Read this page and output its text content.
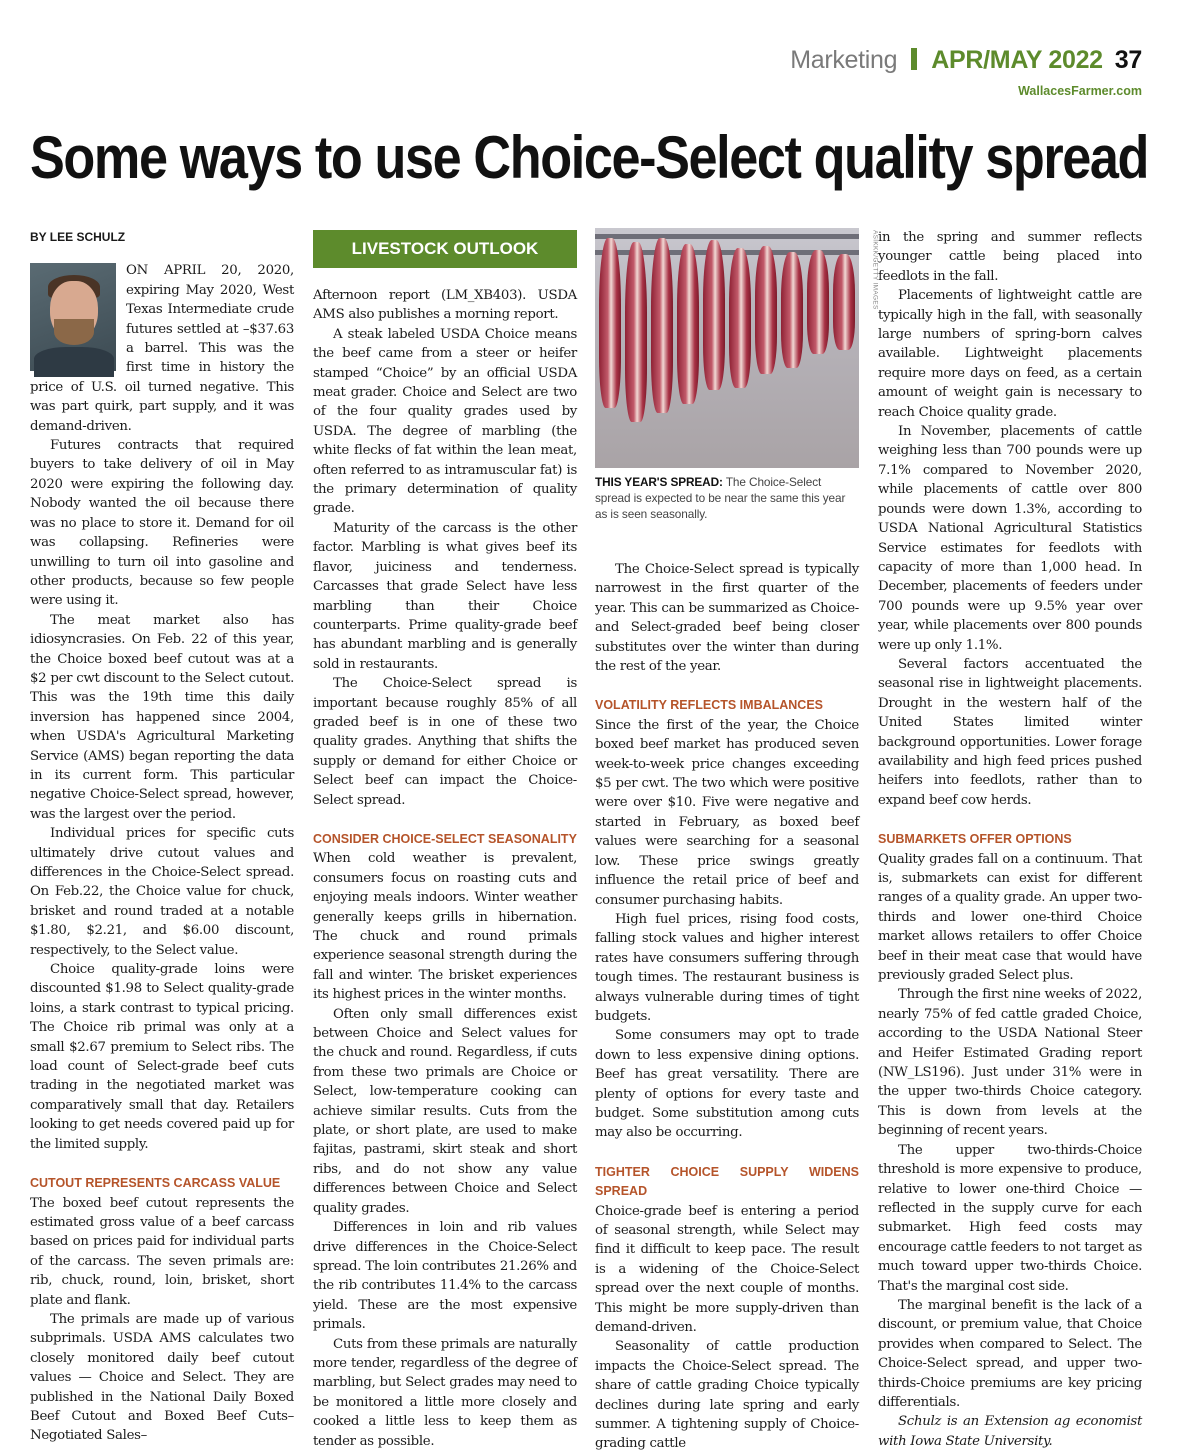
Marketing APR/MAY 2022 37
WallacesFarmer.com
Some ways to use Choice-Select quality spread
BY LEE SCHULZ

ON APRIL 20, 2020, expiring May 2020, West Texas Intermediate crude futures settled at –$37.63 a barrel. This was the first time in history the price of U.S. oil turned negative. This was part quirk, part supply, and it was demand-driven.

Futures contracts that required buyers to take delivery of oil in May 2020 were expiring the following day. Nobody wanted the oil because there was no place to store it. Demand for oil was collapsing. Refineries were unwilling to turn oil into gasoline and other products, because so few people were using it.

The meat market also has idiosyncrasies. On Feb. 22 of this year, the Choice boxed beef cutout was at a $2 per cwt discount to the Select cutout. This was the 19th time this daily inversion has happened since 2004, when USDA's Agricultural Marketing Service (AMS) began reporting the data in its current form. This particular negative Choice-Select spread, however, was the largest over the period.

Individual prices for specific cuts ultimately drive cutout values and differences in the Choice-Select spread. On Feb.22, the Choice value for chuck, brisket and round traded at a notable $1.80, $2.21, and $6.00 discount, respectively, to the Select value.

Choice quality-grade loins were discounted $1.98 to Select quality-grade loins, a stark contrast to typical pricing. The Choice rib primal was only at a small $2.67 premium to Select ribs. The load count of Select-grade beef cuts trading in the negotiated market was comparatively small that day. Retailers looking to get needs covered paid up for the limited supply.

CUTOUT REPRESENTS CARCASS VALUE

The boxed beef cutout represents the estimated gross value of a beef carcass based on prices paid for individual parts of the carcass. The seven primals are: rib, chuck, round, loin, brisket, short plate and flank.

The primals are made up of various subprimals. USDA AMS calculates two closely monitored daily beef cutout values — Choice and Select. They are published in the National Daily Boxed Beef Cutout and Boxed Beef Cuts–Negotiated Sales–

LIVESTOCK OUTLOOK

Afternoon report (LM_XB403). USDA AMS also publishes a morning report.

A steak labeled USDA Choice means the beef came from a steer or heifer stamped “Choice” by an official USDA meat grader. Choice and Select are two of the four quality grades used by USDA. The degree of marbling (the white flecks of fat within the lean meat, often referred to as intramuscular fat) is the primary determination of quality grade.

Maturity of the carcass is the other factor. Marbling is what gives beef its flavor, juiciness and tenderness. Carcasses that grade Select have less marbling than their Choice counterparts. Prime quality-grade beef has abundant marbling and is generally sold in restaurants.

The Choice-Select spread is important because roughly 85% of all graded beef is in one of these two quality grades. Anything that shifts the supply or demand for either Choice or Select beef can impact the Choice-Select spread.

CONSIDER CHOICE-SELECT SEASONALITY

When cold weather is prevalent, consumers focus on roasting cuts and enjoying meals indoors. Winter weather generally keeps grills in hibernation. The chuck and round primals experience seasonal strength during the fall and winter. The brisket experiences its highest prices in the winter months.

Often only small differences exist between Choice and Select values for the chuck and round. Regardless, if cuts from these two primals are Choice or Select, low-temperature cooking can achieve similar results. Cuts from the plate, or short plate, are used to make fajitas, pastrami, skirt steak and short ribs, and do not show any value differences between Choice and Select quality grades.

Differences in loin and rib values drive differences in the Choice-Select spread. The loin contributes 21.26% and the rib contributes 11.4% to the carcass yield. These are the most expensive primals.

Cuts from these primals are naturally more tender, regardless of the degree of marbling, but Select grades may need to be monitored a little more closely and cooked a little less to keep them as tender as possible.

ASIKKK/GETTY IMAGES
THIS YEAR'S SPREAD: The Choice-Select spread is expected to be near the same this year as is seen seasonally.

The Choice-Select spread is typically narrowest in the first quarter of the year. This can be summarized as Choice- and Select-graded beef being closer substitutes over the winter than during the rest of the year.

VOLATILITY REFLECTS IMBALANCES

Since the first of the year, the Choice boxed beef market has produced seven week-to-week price changes exceeding $5 per cwt. The two which were positive were over $10. Five were negative and started in February, as boxed beef values were searching for a seasonal low. These price swings greatly influence the retail price of beef and consumer purchasing habits.

High fuel prices, rising food costs, falling stock values and higher interest rates have consumers suffering through tough times. The restaurant business is always vulnerable during times of tight budgets.

Some consumers may opt to trade down to less expensive dining options. Beef has great versatility. There are plenty of options for every taste and budget. Some substitution among cuts may also be occurring.

TIGHTER CHOICE SUPPLY WIDENS SPREAD

Choice-grade beef is entering a period of seasonal strength, while Select may find it difficult to keep pace. The result is a widening of the Choice-Select spread over the next couple of months. This might be more supply-driven than demand-driven.

Seasonality of cattle production impacts the Choice-Select spread. The share of cattle grading Choice typically declines during late spring and early summer. A tightening supply of Choice-grading cattle

in the spring and summer reflects younger cattle being placed into feedlots in the fall.

Placements of lightweight cattle are typically high in the fall, with seasonally large numbers of spring-born calves available. Lightweight placements require more days on feed, as a certain amount of weight gain is necessary to reach Choice quality grade.

In November, placements of cattle weighing less than 700 pounds were up 7.1% compared to November 2020, while placements of cattle over 800 pounds were down 1.3%, according to USDA National Agricultural Statistics Service estimates for feedlots with capacity of more than 1,000 head. In December, placements of feeders under 700 pounds were up 9.5% year over year, while placements over 800 pounds were up only 1.1%.

Several factors accentuated the seasonal rise in lightweight placements. Drought in the western half of the United States limited winter background opportunities. Lower forage availability and high feed prices pushed heifers into feedlots, rather than to expand beef cow herds.

SUBMARKETS OFFER OPTIONS

Quality grades fall on a continuum. That is, submarkets can exist for different ranges of a quality grade. An upper two-thirds and lower one-third Choice market allows retailers to offer Choice beef in their meat case that would have previously graded Select plus.

Through the first nine weeks of 2022, nearly 75% of fed cattle graded Choice, according to the USDA National Steer and Heifer Estimated Grading report (NW_LS196). Just under 31% were in the upper two-thirds Choice category. This is down from levels at the beginning of recent years.

The upper two-thirds-Choice threshold is more expensive to produce, relative to lower one-third Choice — reflected in the supply curve for each submarket. High feed costs may encourage cattle feeders to not target as much toward upper two-thirds Choice. That's the marginal cost side.

The marginal benefit is the lack of a discount, or premium value, that Choice provides when compared to Select. The Choice-Select spread, and upper two-thirds-Choice premiums are key pricing differentials.

Schulz is an Extension ag economist with Iowa State University.
